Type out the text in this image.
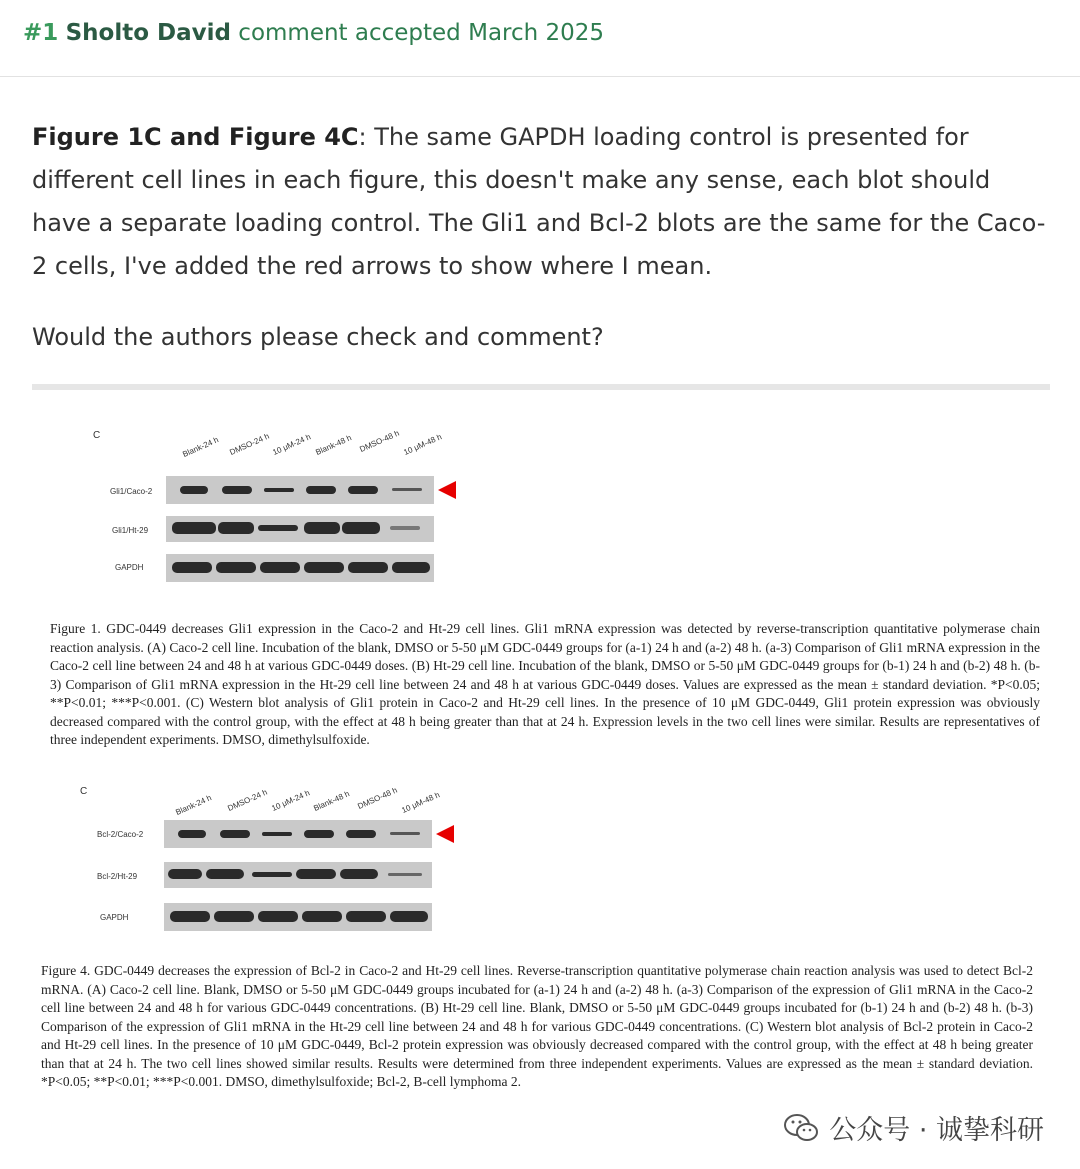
#1 Sholto David comment accepted March 2025

Figure 1C and Figure 4C: The same GAPDH loading control is presented for different cell lines in each figure, this doesn't make any sense, each blot should have a separate loading control. The Gli1 and Bcl-2 blots are the same for the Caco-2 cells, I've added the red arrows to show where I mean.

Would the authors please check and comment?

C	Blank-24 h DMSO-24 h 10 μM-24 h Blank-48 h DMSO-48 h 10 μM-48 h
Gli1/Caco-2
Gli1/Ht-29
GAPDH
Figure 1. GDC-0449 decreases Gli1 expression in the Caco-2 and Ht-29 cell lines. Gli1 mRNA expression was detected by reverse-transcription quantitative polymerase chain reaction analysis. (A) Caco-2 cell line. Incubation of the blank, DMSO or 5-50 μM GDC-0449 groups for (a-1) 24 h and (a-2) 48 h. (a-3) Comparison of Gli1 mRNA expression in the Caco-2 cell line between 24 and 48 h at various GDC-0449 doses. (B) Ht-29 cell line. Incubation of the blank, DMSO or 5-50 μM GDC-0449 groups for (b-1) 24 h and (b-2) 48 h. (b-3) Comparison of Gli1 mRNA expression in the Ht-29 cell line between 24 and 48 h at various GDC-0449 doses. Values are expressed as the mean ± standard deviation. *P<0.05; **P<0.01; ***P<0.001. (C) Western blot analysis of Gli1 protein in Caco-2 and Ht-29 cell lines. In the presence of 10 μM GDC-0449, Gli1 protein expression was obviously decreased compared with the control group, with the effect at 48 h being greater than that at 24 h. Expression levels in the two cell lines were similar. Results are representatives of three independent experiments. DMSO, dimethylsulfoxide.
C
Blank-24 h DMSO-24 h 10 μM-24 h Blank-48 h DMSO-48 h 10 μM-48 h
Bcl-2/Caco-2
Bcl-2/Ht-29
GAPDH
Figure 4. GDC-0449 decreases the expression of Bcl-2 in Caco-2 and Ht-29 cell lines. Reverse-transcription quantitative polymerase chain reaction analysis was used to detect Bcl-2 mRNA. (A) Caco-2 cell line. Blank, DMSO or 5-50 μM GDC-0449 groups incubated for (a-1) 24 h and (a-2) 48 h. (a-3) Comparison of the expression of Gli1 mRNA in the Caco-2 cell line between 24 and 48 h for various GDC-0449 concentrations. (B) Ht-29 cell line. Blank, DMSO or 5-50 μM GDC-0449 groups incubated for (b-1) 24 h and (b-2) 48 h. (b-3) Comparison of the expression of Gli1 mRNA in the Ht-29 cell line between 24 and 48 h for various GDC-0449 concentrations. (C) Western blot analysis of Bcl-2 protein in Caco-2 and Ht-29 cell lines. In the presence of 10 μM GDC-0449, Bcl-2 protein expression was obviously decreased compared with the control group, with the effect at 48 h being greater than that at 24 h. The two cell lines showed similar results. Results were determined from three independent experiments. Values are expressed as the mean ± standard deviation. *P<0.05; **P<0.01; ***P<0.001. DMSO, dimethylsulfoxide; Bcl-2, B-cell lymphoma 2.
公众号 · 诚挚科研
